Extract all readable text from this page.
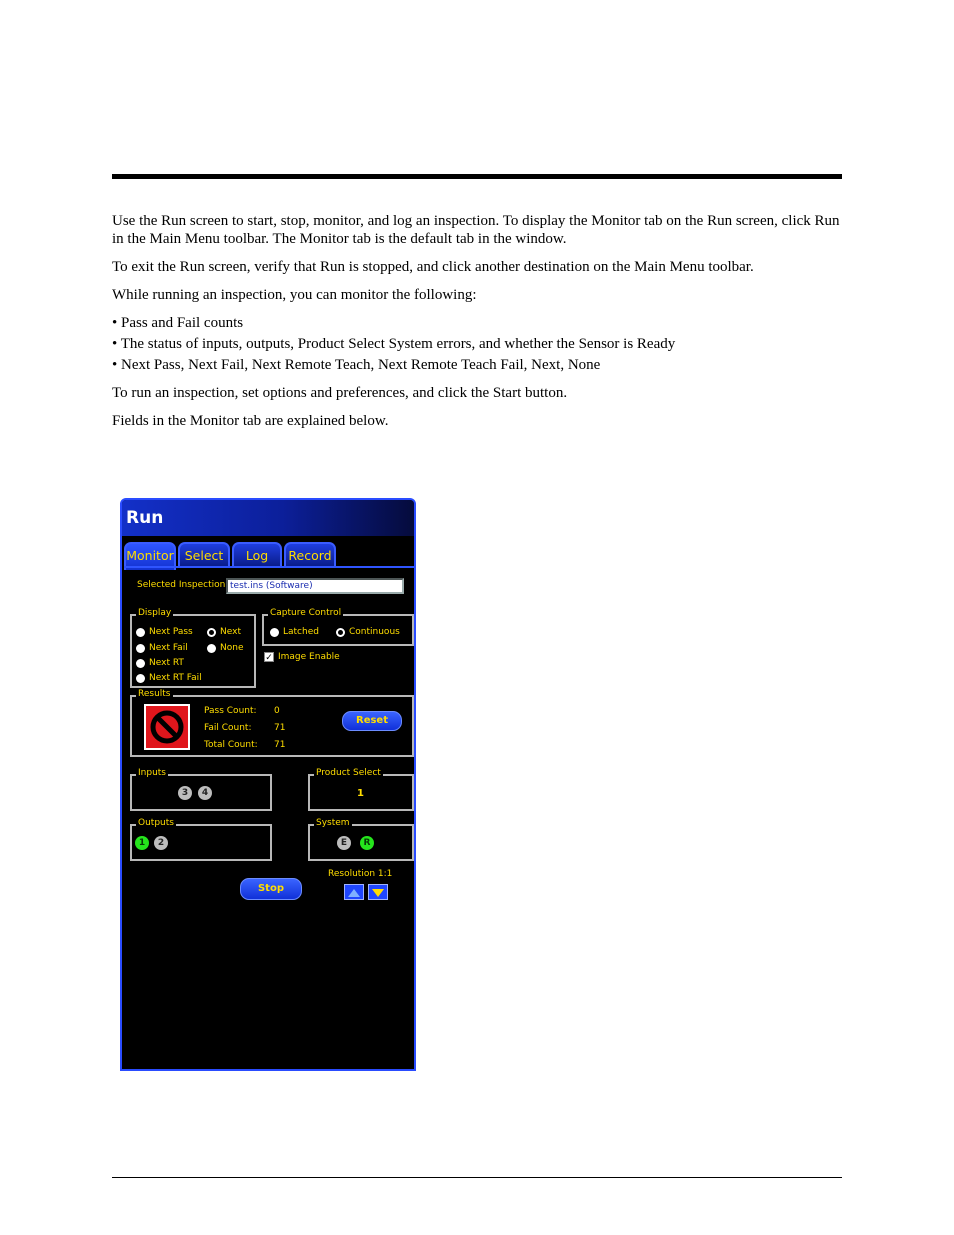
Use the Run screen to start, stop, monitor, and log an inspection. To display the Monitor tab on the Run screen, click Run in the Main Menu toolbar. The Monitor tab is the default tab in the window.

To exit the Run screen, verify that Run is stopped, and click another destination on the Main Menu toolbar.

While running an inspection, you can monitor the following:

• Pass and Fail counts
• The status of inputs, outputs, Product Select System errors, and whether the Sensor is Ready
• Next Pass, Next Fail, Next Remote Teach, Next Remote Teach Fail, Next, None

To run an inspection, set options and preferences, and click the Start button.

Fields in the Monitor tab are explained below.

Run
Monitor Select	Log	Record
Selected Inspection test.ins (Software)
Display
Next Pass
Next Fail
Next RT
Next RT Fail
Next
None
Capture Control
Latched	Continuous
✓ Image Enable
Results
Pass Count: 0
Fail Count:	71
Total Count: 71
Reset
Inputs
3	4
Product Select
1
Outputs
1	2
System
E	R
Stop
Resolution 1:1
